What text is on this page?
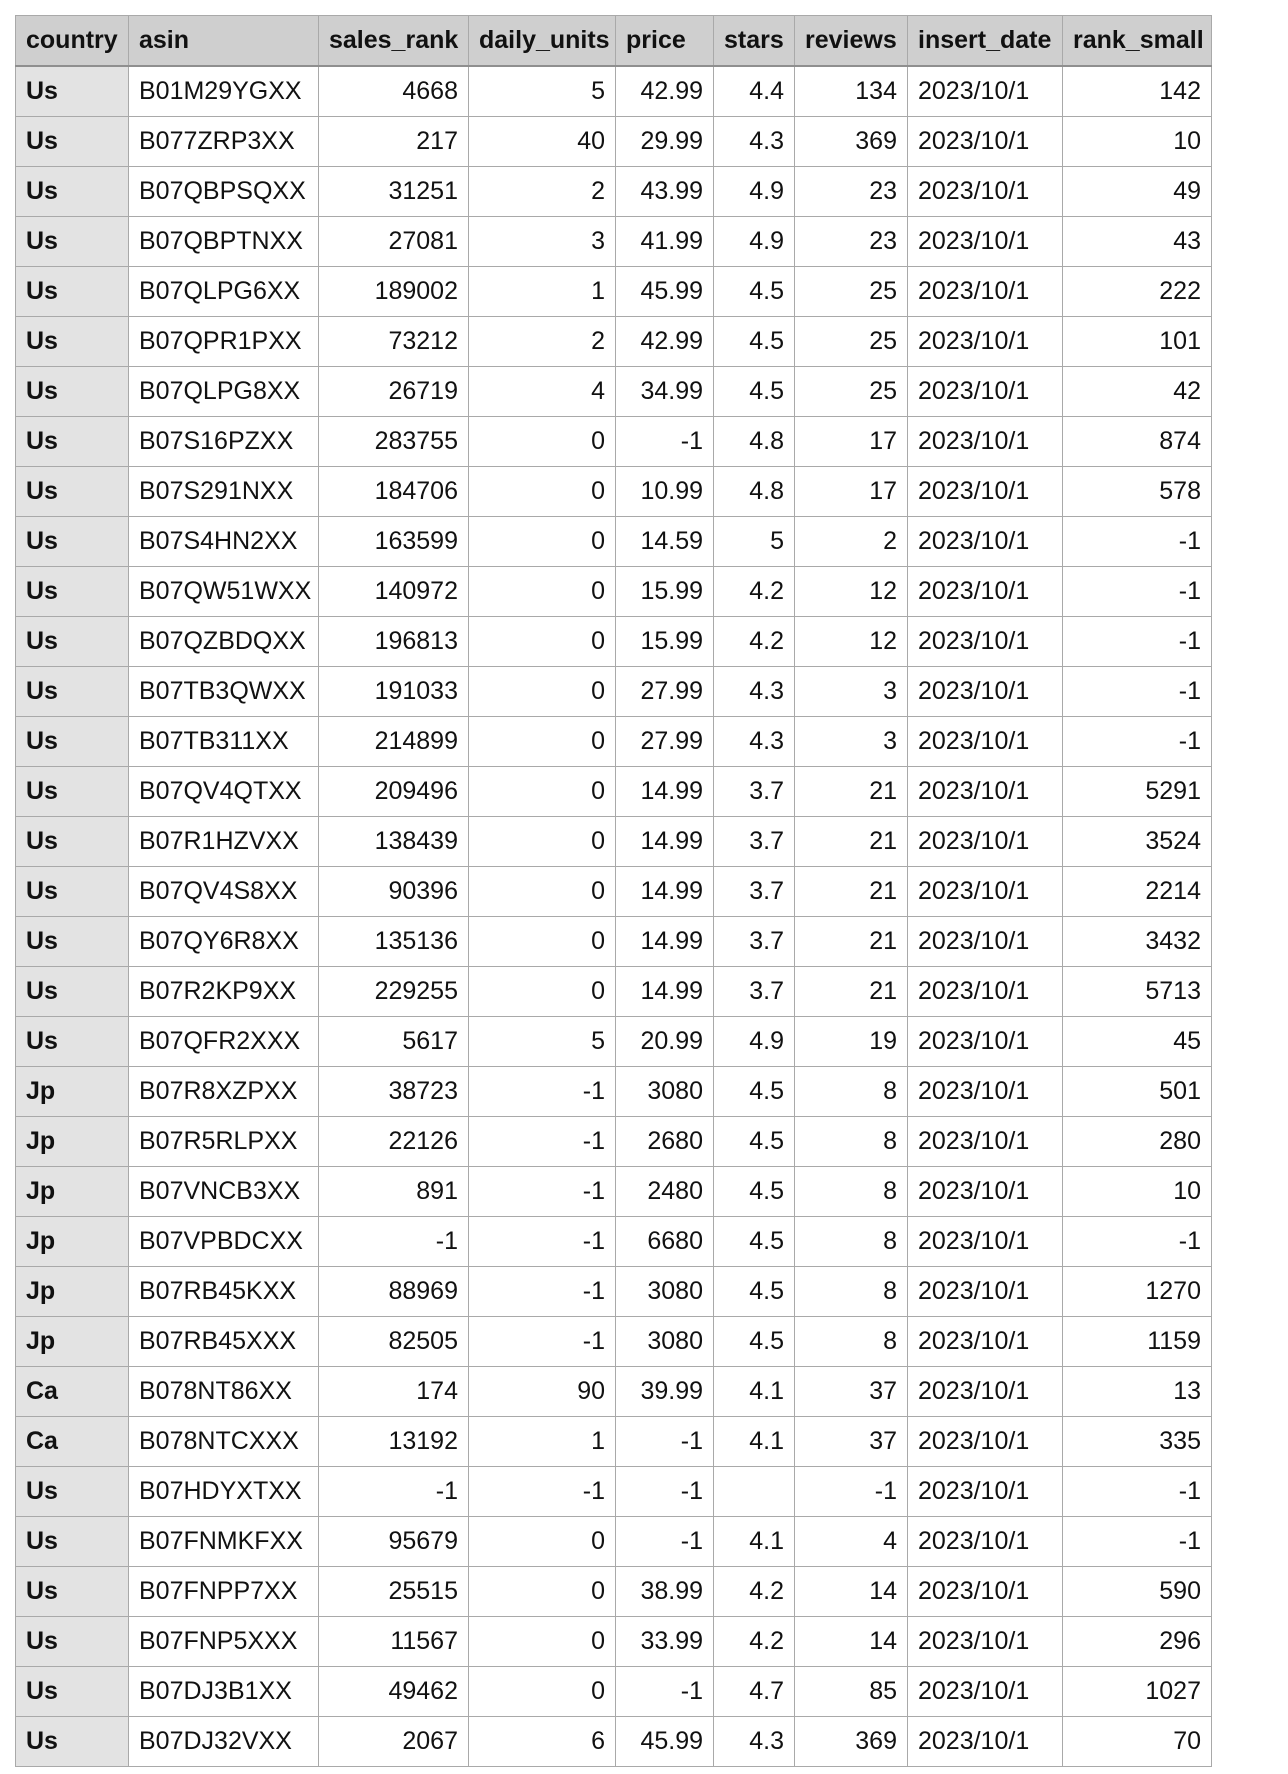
country	asin	sales_rank	daily_units	price	stars	reviews	insert_date	rank_small
Us	B01M29YGXX	4668	5	42.99	4.4	134	2023/10/1	142
Us	B077ZRP3XX	217	40	29.99	4.3	369	2023/10/1	10
Us	B07QBPSQXX	31251	2	43.99	4.9	23	2023/10/1	49
Us	B07QBPTNXX	27081	3	41.99	4.9	23	2023/10/1	43
Us	B07QLPG6XX	189002	1	45.99	4.5	25	2023/10/1	222
Us	B07QPR1PXX	73212	2	42.99	4.5	25	2023/10/1	101
Us	B07QLPG8XX	26719	4	34.99	4.5	25	2023/10/1	42
Us	B07S16PZXX	283755	0	-1	4.8	17	2023/10/1	874
Us	B07S291NXX	184706	0	10.99	4.8	17	2023/10/1	578
Us	B07S4HN2XX	163599	0	14.59	5	2	2023/10/1	-1
Us	B07QW51WXX	140972	0	15.99	4.2	12	2023/10/1	-1
Us	B07QZBDQXX	196813	0	15.99	4.2	12	2023/10/1	-1
Us	B07TB3QWXX	191033	0	27.99	4.3	3	2023/10/1	-1
Us	B07TB311XX	214899	0	27.99	4.3	3	2023/10/1	-1
Us	B07QV4QTXX	209496	0	14.99	3.7	21	2023/10/1	5291
Us	B07R1HZVXX	138439	0	14.99	3.7	21	2023/10/1	3524
Us	B07QV4S8XX	90396	0	14.99	3.7	21	2023/10/1	2214
Us	B07QY6R8XX	135136	0	14.99	3.7	21	2023/10/1	3432
Us	B07R2KP9XX	229255	0	14.99	3.7	21	2023/10/1	5713
Us	B07QFR2XXX	5617	5	20.99	4.9	19	2023/10/1	45
Jp	B07R8XZPXX	38723	-1	3080	4.5	8	2023/10/1	501
Jp	B07R5RLPXX	22126	-1	2680	4.5	8	2023/10/1	280
Jp	B07VNCB3XX	891	-1	2480	4.5	8	2023/10/1	10
Jp	B07VPBDCXX	-1	-1	6680	4.5	8	2023/10/1	-1
Jp	B07RB45KXX	88969	-1	3080	4.5	8	2023/10/1	1270
Jp	B07RB45XXX	82505	-1	3080	4.5	8	2023/10/1	1159
Ca	B078NT86XX	174	90	39.99	4.1	37	2023/10/1	13
Ca	B078NTCXXX	13192	1	-1	4.1	37	2023/10/1	335
Us	B07HDYXTXX	-1	-1	-1		-1	2023/10/1	-1
Us	B07FNMKFXX	95679	0	-1	4.1	4	2023/10/1	-1
Us	B07FNPP7XX	25515	0	38.99	4.2	14	2023/10/1	590
Us	B07FNP5XXX	11567	0	33.99	4.2	14	2023/10/1	296
Us	B07DJ3B1XX	49462	0	-1	4.7	85	2023/10/1	1027
Us	B07DJ32VXX	2067	6	45.99	4.3	369	2023/10/1	70
